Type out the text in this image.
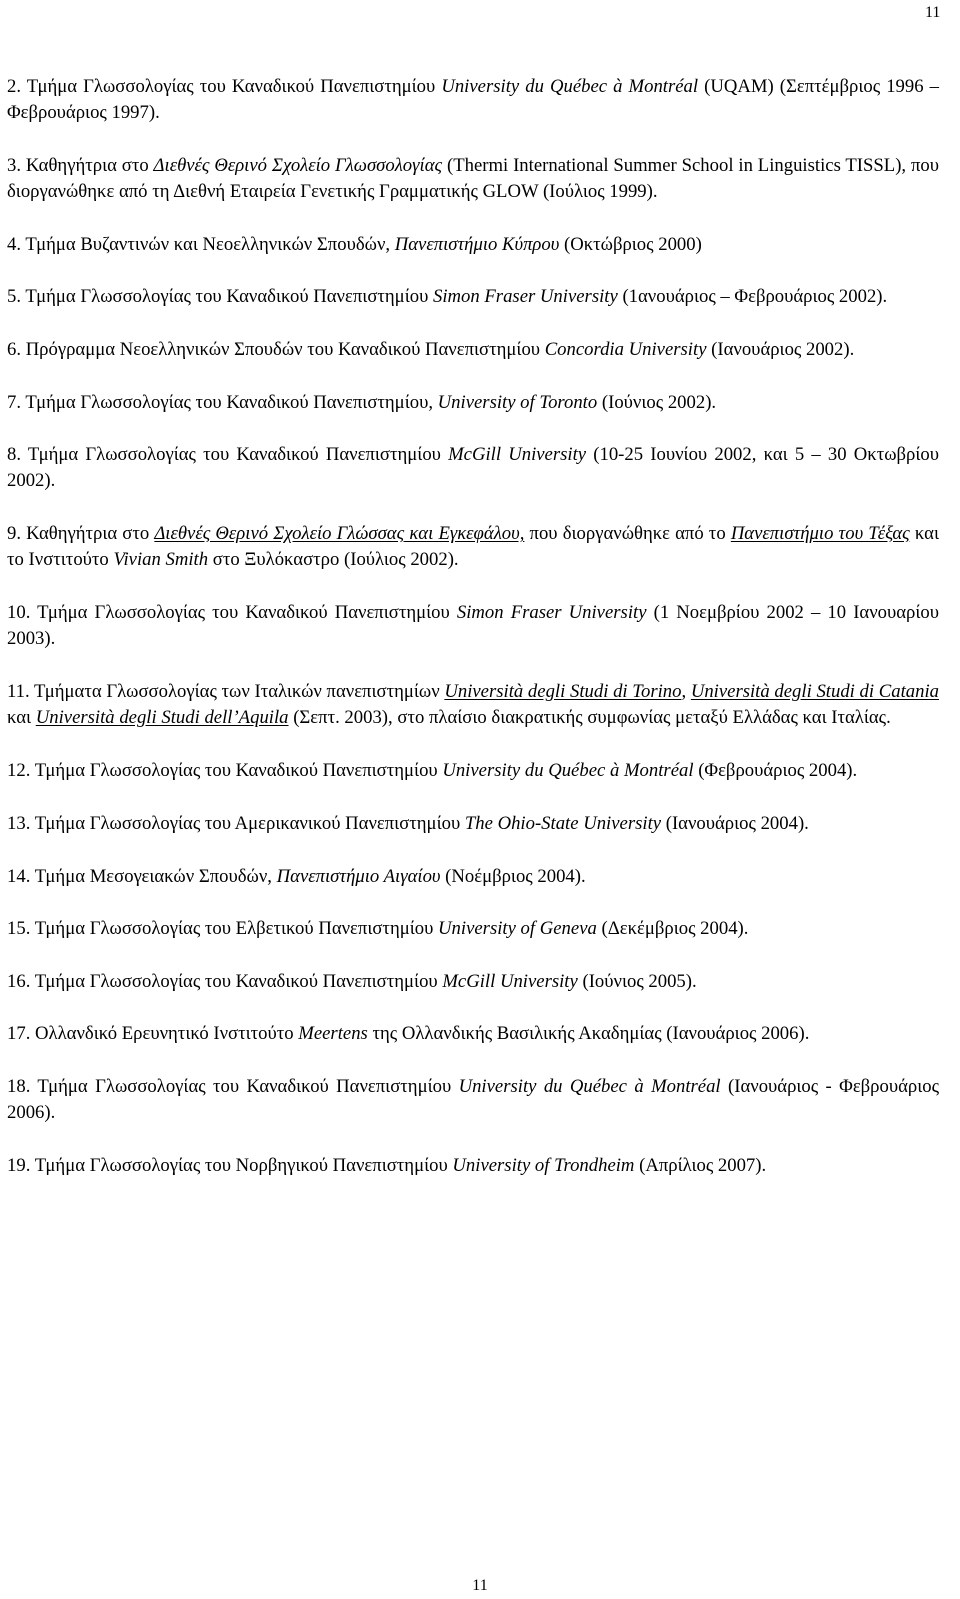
11

2. Τμήμα Γλωσσολογίας του Καναδικού Πανεπιστημίου University du Québec à Montréal (UQAM) (Σεπτέμβριος 1996 – Φεβρουάριος 1997).

3. Καθηγήτρια στο Διεθνές Θερινό Σχολείο Γλωσσολογίας (Thermi International Summer School in Linguistics TISSL), που διοργανώθηκε από τη Διεθνή Εταιρεία Γενετικής Γραμματικής GLOW (Ιούλιος 1999).

4. Τμήμα Βυζαντινών και Νεοελληνικών Σπουδών, Πανεπιστήμιο Κύπρου (Οκτώβριος 2000)

5. Τμήμα Γλωσσολογίας του Καναδικού Πανεπιστημίου Simon Fraser University (1ανουάριος – Φεβρουάριος 2002).

6. Πρόγραμμα Νεοελληνικών Σπουδών του Καναδικού Πανεπιστημίου Concordia University (Ιανουάριος 2002).

7. Τμήμα Γλωσσολογίας του Καναδικού Πανεπιστημίου, University of Toronto (Ιούνιος 2002).

8. Τμήμα Γλωσσολογίας του Καναδικού Πανεπιστημίου McGill University (10-25 Ιουνίου 2002, και 5 – 30 Οκτωβρίου 2002).

9. Καθηγήτρια στο Διεθνές Θερινό Σχολείο Γλώσσας και Εγκεφάλου, που διοργανώθηκε από το Πανεπιστήμιο του Τέξας και το Ινστιτούτο Vivian Smith στο Ξυλόκαστρο (Ιούλιος 2002).

10. Τμήμα Γλωσσολογίας του Καναδικού Πανεπιστημίου Simon Fraser University (1 Νοεμβρίου 2002 – 10 Ιανουαρίου 2003).

11. Τμήματα Γλωσσολογίας των Ιταλικών πανεπιστημίων Università degli Studi di Torino, Università degli Studi di Catania και Università degli Studi dell’Aquila (Σεπτ. 2003), στο πλαίσιο διακρατικής συμφωνίας μεταξύ Ελλάδας και Ιταλίας.

12. Τμήμα Γλωσσολογίας του Καναδικού Πανεπιστημίου University du Québec à Montréal (Φεβρουάριος 2004).

13. Τμήμα Γλωσσολογίας του Αμερικανικού Πανεπιστημίου The Ohio-State University (Ιανουάριος 2004).

14. Τμήμα Μεσογειακών Σπουδών, Πανεπιστήμιο Αιγαίου (Νοέμβριος 2004).

15. Τμήμα Γλωσσολογίας του Ελβετικού Πανεπιστημίου University of Geneva (Δεκέμβριος 2004).

16. Τμήμα Γλωσσολογίας του Καναδικού Πανεπιστημίου McGill University (Ιούνιος 2005).

17. Ολλανδικό Ερευνητικό Ινστιτούτο Meertens της Ολλανδικής Βασιλικής Ακαδημίας (Ιανουάριος 2006).

18. Τμήμα Γλωσσολογίας του Καναδικού Πανεπιστημίου University du Québec à Montréal (Ιανουάριος - Φεβρουάριος 2006).

19. Τμήμα Γλωσσολογίας του Νορβηγικού Πανεπιστημίου University of Trondheim (Απρίλιος 2007).

11
